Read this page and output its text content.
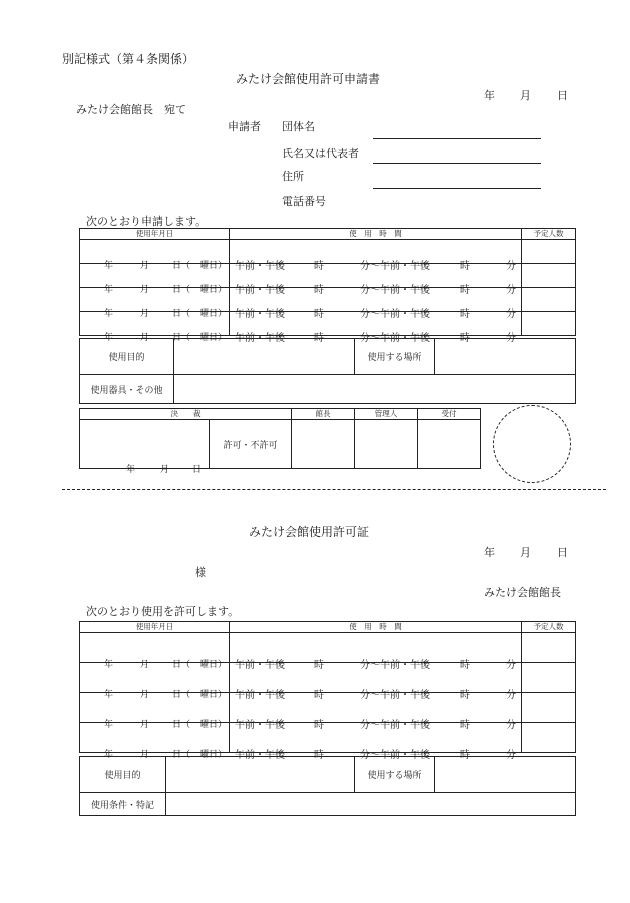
別記様式（第４条関係）
みたけ会館使用許可申請書
年 月 日
みたけ会館館長　宛て
申請者 団体名
氏名又は代表者
住所
電話番号
次のとおり申請します。
使用年月日	使　用　時　間	予定人数

年 月 日（ 曜日）	午前・午後 時 分〜午前・午後 時 分	

年 月 日（ 曜日）	午前・午後 時 分〜午前・午後 時 分	

年 月 日（ 曜日）	午前・午後 時 分〜午前・午後 時 分	

年 月 日（ 曜日）	午前・午後 時 分〜午前・午後 時 分	

使用目的		使用する場所	
使用器具・その他			
決　　裁		館長	管理人	受付

年 月 日	許可・不許可			
みたけ会館使用許可証
年 月 日
様
みたけ会館館長
次のとおり使用を許可します。
使用年月日	使　用　時　間	予定人数

年 月 日（ 曜日）	午前・午後 時 分〜午前・午後 時 分	

年 月 日（ 曜日）	午前・午後 時 分〜午前・午後 時 分	

年 月 日（ 曜日）	午前・午後 時 分〜午前・午後 時 分	

年 月 日（ 曜日）	午前・午後 時 分〜午前・午後 時 分	

使用目的		使用する場所	
使用条件・特記			
